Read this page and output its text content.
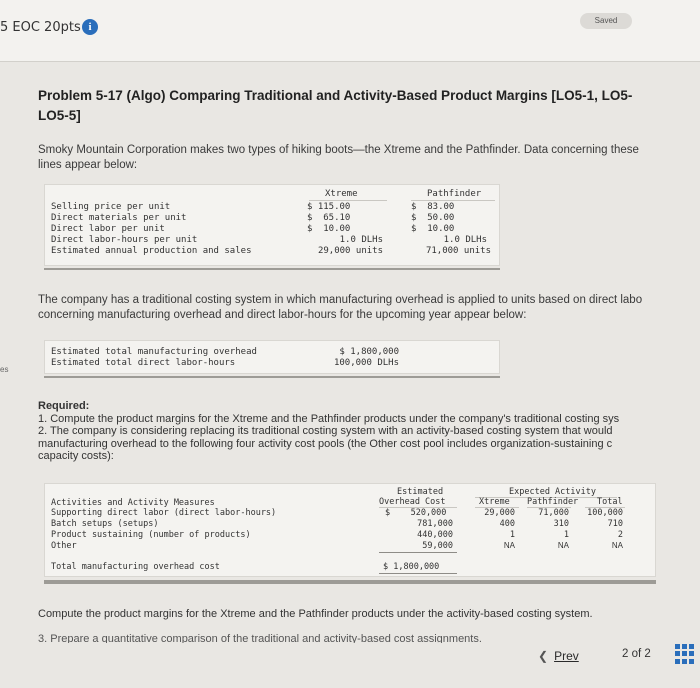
5 EOC 20pts i
Saved
es
Problem 5-17 (Algo) Comparing Traditional and Activity-Based Product Margins [LO5-1, LO5-
LO5-5]
Smoky Mountain Corporation makes two types of hiking boots—the Xtreme and the Pathfinder. Data concerning these
lines appear below:
Xtreme	Pathfinder
Selling price per unit	$ 115.00	$  83.00
Direct materials per unit	$  65.10	$  50.00
Direct labor per unit	$  10.00	$  10.00
Direct labor-hours per unit	1.0 DLHs	1.0 DLHs
Estimated annual production and sales	29,000 units	71,000 units
The company has a traditional costing system in which manufacturing overhead is applied to units based on direct labo
concerning manufacturing overhead and direct labor-hours for the upcoming year appear below:
Estimated total manufacturing overhead	$ 1,800,000
Estimated total direct labor-hours	100,000 DLHs
Required:
1. Compute the product margins for the Xtreme and the Pathfinder products under the company's traditional costing sys
2. The company is considering replacing its traditional costing system with an activity-based costing system that would
manufacturing overhead to the following four activity cost pools (the Other cost pool includes organization-sustaining c
capacity costs):
Estimated	Expected Activity
Overhead Cost	Xtreme Pathfinder Total
Activities and Activity Measures
Supporting direct labor (direct labor-hours)	$    520,000	29,000	71,000	100,000
Batch setups (setups)	781,000	400	310	710
Product sustaining (number of products)	440,000	1	1	2
Other	59,000	NA	NA	NA
Total manufacturing overhead cost	$ 1,800,000
Compute the product margins for the Xtreme and the Pathfinder products under the activity-based costing system.
3. Prepare a quantitative comparison of the traditional and activity-based cost assignments.
❮ Prev	2 of 2
